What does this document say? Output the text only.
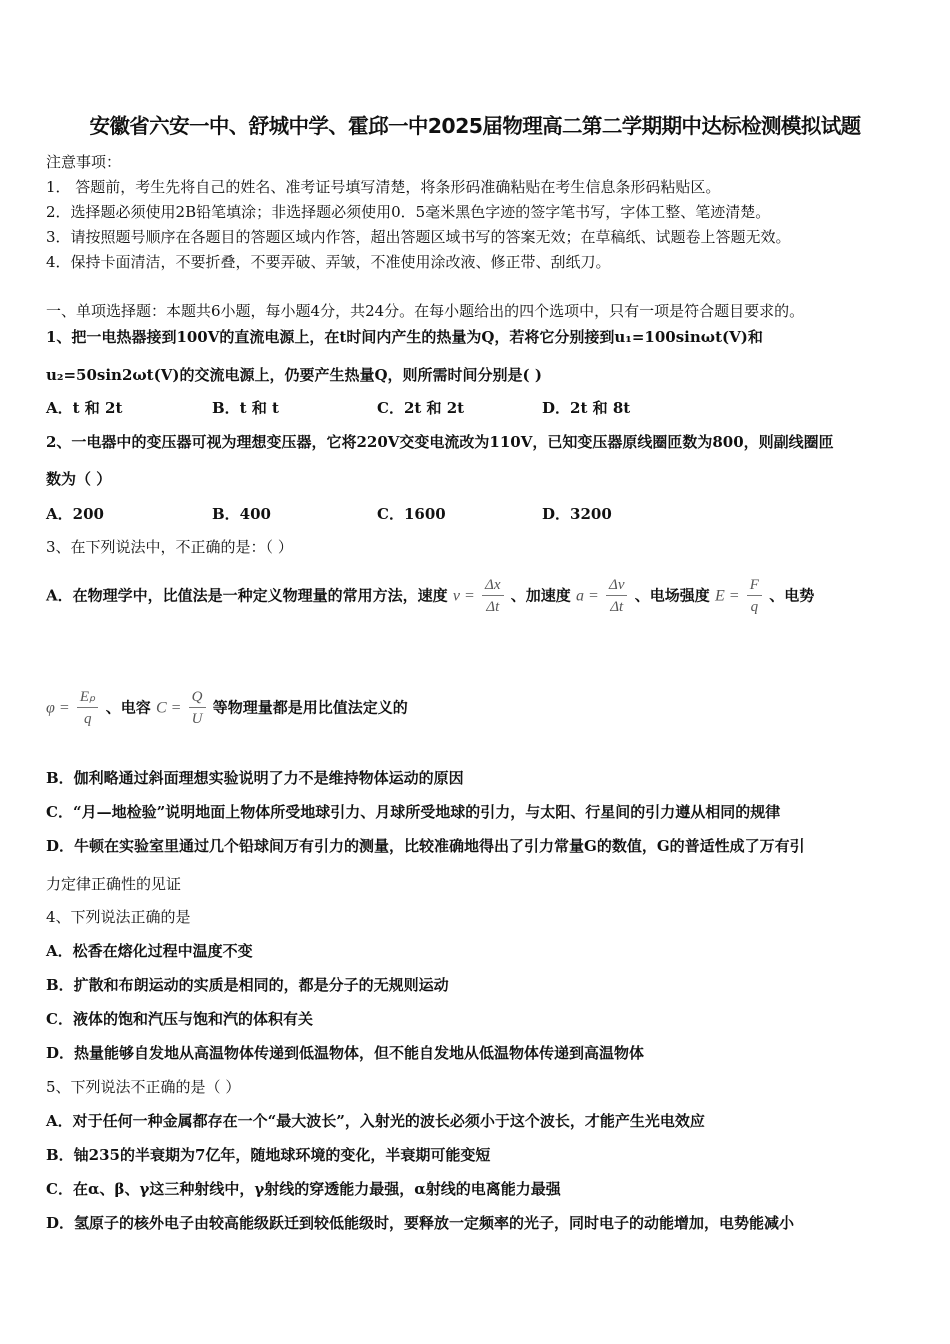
安徽省六安一中、舒城中学、霍邱一中2025届物理高二第二学期期中达标检测模拟试题
注意事项：
1． 答题前，考生先将自己的姓名、准考证号填写清楚，将条形码准确粘贴在考生信息条形码粘贴区。
2．选择题必须使用2B铅笔填涂；非选择题必须使用0．5毫米黑色字迹的签字笔书写，字体工整、笔迹清楚。
3．请按照题号顺序在各题目的答题区域内作答，超出答题区域书写的答案无效；在草稿纸、试题卷上答题无效。
4．保持卡面清洁，不要折叠，不要弄破、弄皱，不准使用涂改液、修正带、刮纸刀。
一、单项选择题：本题共6小题，每小题4分，共24分。在每小题给出的四个选项中，只有一项是符合题目要求的。
1、把一电热器接到100V的直流电源上，在t时间内产生的热量为Q，若将它分别接到u₁=100sinωt(V)和
u₂=50sin2ωt(V)的交流电源上，仍要产生热量Q，则所需时间分别是( )
A．t 和 2t	B．t 和 t	C．2t 和 2t	D．2t 和 8t
2、一电器中的变压器可视为理想变压器，它将220V交变电流改为110V，已知变压器原线圈匝数为800，则副线圈匝
数为（ ）
A．200	B．400	C．1600	D．3200
3、在下列说法中，不正确的是：（ ）
A．在物理学中，比值法是一种定义物理量的常用方法，速度 $v = \frac{\Delta x}{\Delta t}$ 、加速度 $a = \frac{\Delta v}{\Delta t}$ 、电场强度 $E = \frac{F}{q}$ 、电势
$\varphi = \frac{\text{Eₚ}}{q}$ 、电容 $C = \frac{Q}{U}$ 等物理量都是用比值法定义的
B．伽利略通过斜面理想实验说明了力不是维持物体运动的原因
C．“月—地检验”说明地面上物体所受地球引力、月球所受地球的引力，与太阳、行星间的引力遵从相同的规律
D．牛顿在实验室里通过几个铅球间万有引力的测量，比较准确地得出了引力常量G的数值，G的普适性成了万有引
力定律正确性的见证
4、下列说法正确的是
A．松香在熔化过程中温度不变
B．扩散和布朗运动的实质是相同的，都是分子的无规则运动
C．液体的饱和汽压与饱和汽的体积有关
D．热量能够自发地从高温物体传递到低温物体，但不能自发地从低温物体传递到高温物体
5、下列说法不正确的是（ ）
A．对于任何一种金属都存在一个“最大波长”，入射光的波长必须小于这个波长，才能产生光电效应
B．铀235的半衰期为7亿年，随地球环境的变化，半衰期可能变短
C．在α、β、γ这三种射线中，γ射线的穿透能力最强，α射线的电离能力最强
D．氢原子的核外电子由较高能级跃迁到较低能级时，要释放一定频率的光子，同时电子的动能增加，电势能减小
